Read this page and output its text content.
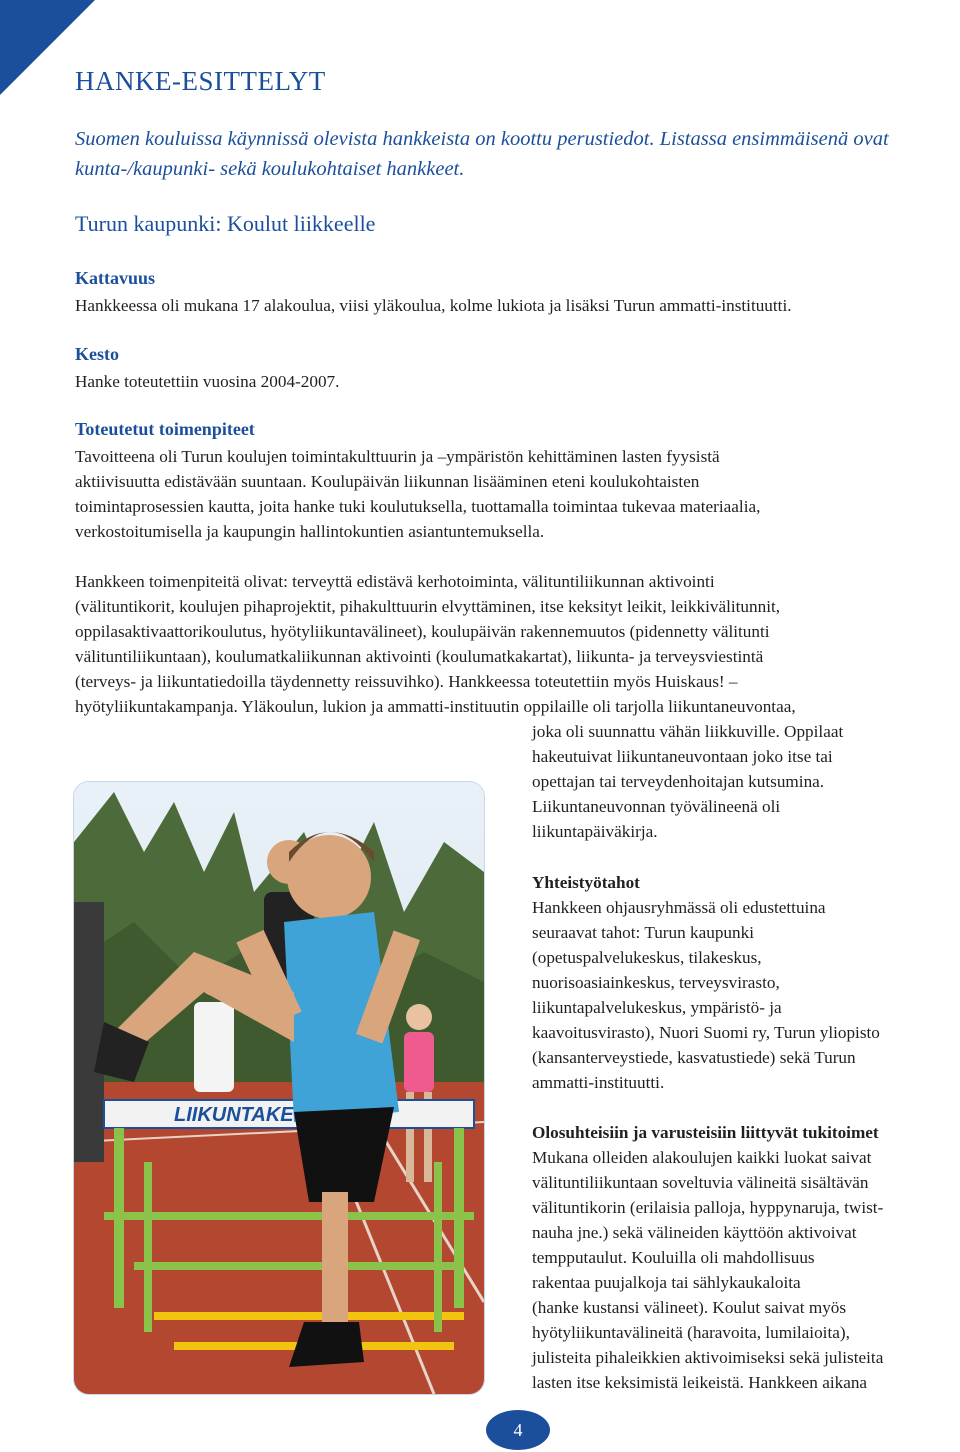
HANKE-ESITTELYT

Suomen kouluissa käynnissä olevista hankkeista on koottu perustiedot. Listassa ensimmäisenä ovat kunta-/kaupunki- sekä koulukohtaiset hankkeet.

Turun kaupunki: Koulut liikkeelle
Kattavuus

Hankkeessa oli mukana 17 alakoulua, viisi yläkoulua, kolme lukiota ja lisäksi Turun ammatti-instituutti.

Kesto

Hanke toteutettiin vuosina 2004-2007.

Toteutetut toimenpiteet
Tavoitteena oli Turun koulujen toimintakulttuurin ja –ympäristön kehittäminen lasten fyysistä
aktiivisuutta edistävään suuntaan. Koulupäivän liikunnan lisääminen eteni koulukohtaisten
toimintaprosessien kautta, joita hanke tuki koulutuksella, tuottamalla toimintaa tukevaa materiaalia,
verkostoitumisella ja kaupungin hallintokuntien asiantuntemuksella.
Hankkeen toimenpiteitä olivat: terveyttä edistävä kerhotoiminta, välituntiliikunnan aktivointi
(välituntikorit, koulujen pihaprojektit, pihakulttuurin elvyttäminen, itse keksityt leikit, leikkivälitunnit,
oppilasaktivaattorikoulutus, hyötyliikuntavälineet), koulupäivän rakennemuutos (pidennetty välitunti
välituntiliikuntaan), koulumatkaliikunnan aktivointi (koulumatkakartat), liikunta- ja terveysviestintä
(terveys- ja liikuntatiedoilla täydennetty reissuvihko). Hankkeessa toteutettiin myös Huiskaus! –
hyötyliikuntakampanja. Yläkoulun, lukion ja ammatti-instituutin oppilaille oli tarjolla liikuntaneuvontaa,
joka oli suunnattu vähän liikkuville. Oppilaat
hakeutuivat liikuntaneuvontaan joko itse tai
opettajan tai terveydenhoitajan kutsumina.
Liikuntaneuvonnan työvälineenä oli
liikuntapäiväkirja.
Yhteistyötahot
Hankkeen ohjausryhmässä oli edustettuina
seuraavat tahot: Turun kaupunki
(opetuspalvelukeskus, tilakeskus,
nuorisoasiainkeskus, terveysvirasto,
liikuntapalvelukeskus, ympäristö- ja
kaavoitusvirasto), Nuori Suomi ry, Turun yliopisto
(kansanterveystiede, kasvatustiede) sekä Turun
ammatti-instituutti.
Olosuhteisiin ja varusteisiin liittyvät tukitoimet
Mukana olleiden alakoulujen kaikki luokat saivat
välituntiliikuntaan soveltuvia välineitä sisältävän
välituntikorin (erilaisia palloja, hyppynaruja, twist-
nauha jne.) sekä välineiden käyttöön aktivoivat
tempputaulut. Kouluilla oli mahdollisuus
rakentaa puujalkoja tai sählykaukaloita
(hanke kustansi välineet). Koulut saivat myös
hyötyliikuntavälineitä (haravoita, lumilaioita),
julisteita pihaleikkien aktivoimiseksi sekä julisteita
lasten itse keksimistä leikeistä. Hankkeen aikana
LIIKUNTAKE
4
